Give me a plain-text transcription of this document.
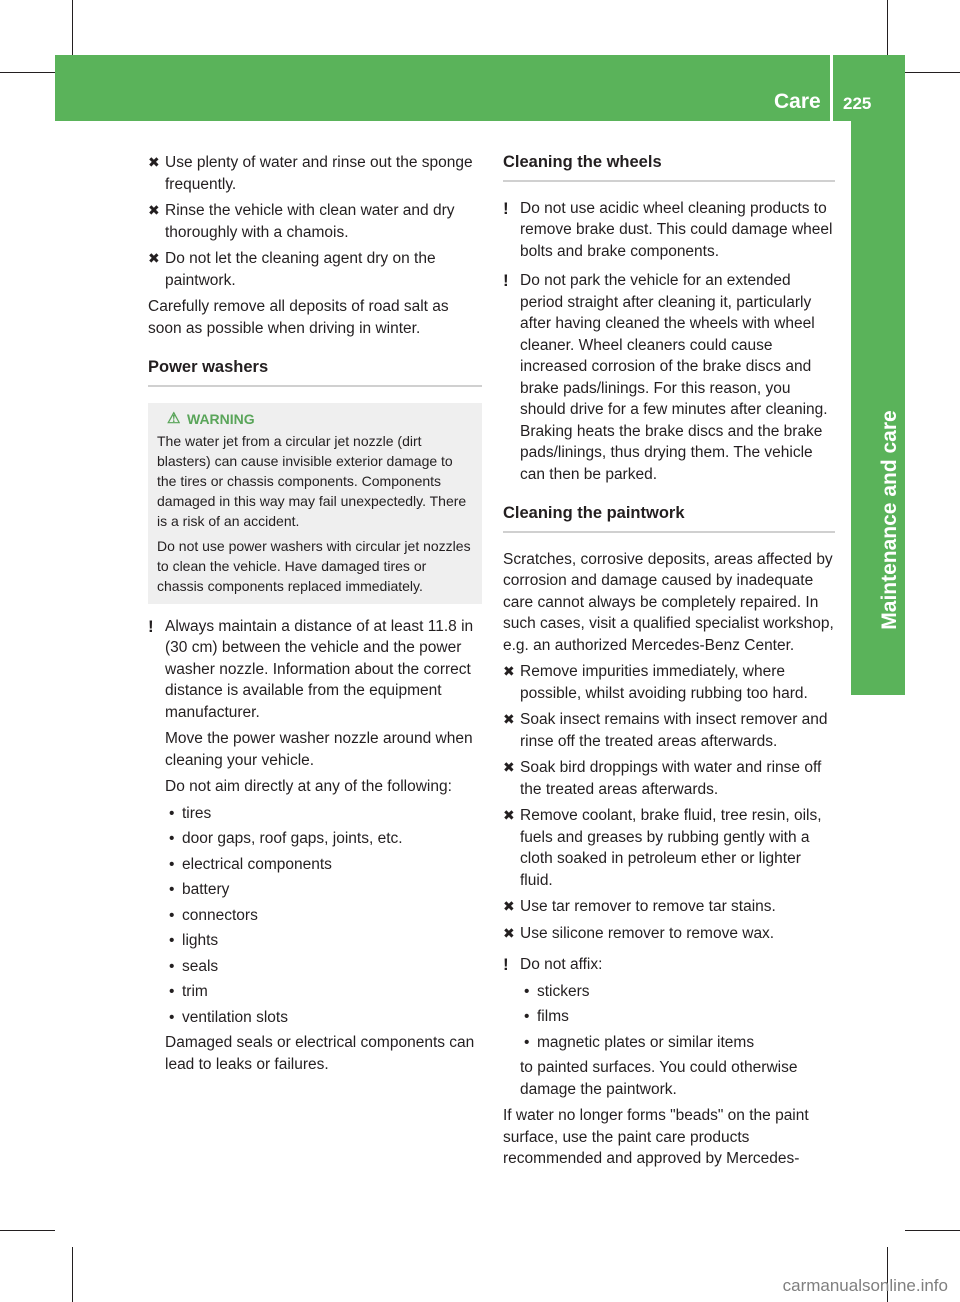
Care 225
Maintenance and care
✖ Use plenty of water and rinse out the sponge frequently.
✖ Rinse the vehicle with clean water and dry thoroughly with a chamois.
✖ Do not let the cleaning agent dry on the paintwork.

Carefully remove all deposits of road salt as soon as possible when driving in winter.

Power washers
⚠ WARNING

The water jet from a circular jet nozzle (dirt blasters) can cause invisible exterior damage to the tires or chassis components. Components damaged in this way may fail unexpectedly. There is a risk of an accident.

Do not use power washers with circular jet nozzles to clean the vehicle. Have damaged tires or chassis components replaced immediately.

! Always maintain a distance of at least 11.8 in (30 cm) between the vehicle and the power washer nozzle. Information about the correct distance is available from the equipment manufacturer.

Move the power washer nozzle around when cleaning your vehicle.

Do not aim directly at any of the following:

• tires
• door gaps, roof gaps, joints, etc.
• electrical components
• battery
• connectors
• lights
• seals
• trim
• ventilation slots

Damaged seals or electrical components can lead to leaks or failures.

Cleaning the wheels
! Do not use acidic wheel cleaning products to remove brake dust. This could damage wheel bolts and brake components.

! Do not park the vehicle for an extended period straight after cleaning it, particularly after having cleaned the wheels with wheel cleaner. Wheel cleaners could cause increased corrosion of the brake discs and brake pads/linings. For this reason, you should drive for a few minutes after cleaning. Braking heats the brake discs and the brake pads/linings, thus drying them. The vehicle can then be parked.

Cleaning the paintwork

Scratches, corrosive deposits, areas affected by corrosion and damage caused by inadequate care cannot always be completely repaired. In such cases, visit a qualified specialist workshop, e.g. an authorized Mercedes-Benz Center.

✖ Remove impurities immediately, where possible, whilst avoiding rubbing too hard.
✖ Soak insect remains with insect remover and rinse off the treated areas afterwards.
✖ Soak bird droppings with water and rinse off the treated areas afterwards.
✖ Remove coolant, brake fluid, tree resin, oils, fuels and greases by rubbing gently with a cloth soaked in petroleum ether or lighter fluid.
✖ Use tar remover to remove tar stains.
✖ Use silicone remover to remove wax.
! Do not affix:

• stickers
• films
• magnetic plates or similar items

to painted surfaces. You could otherwise damage the paintwork.

If water no longer forms "beads" on the paint surface, use the paint care products recommended and approved by Mercedes-

carmanualsonline.info
